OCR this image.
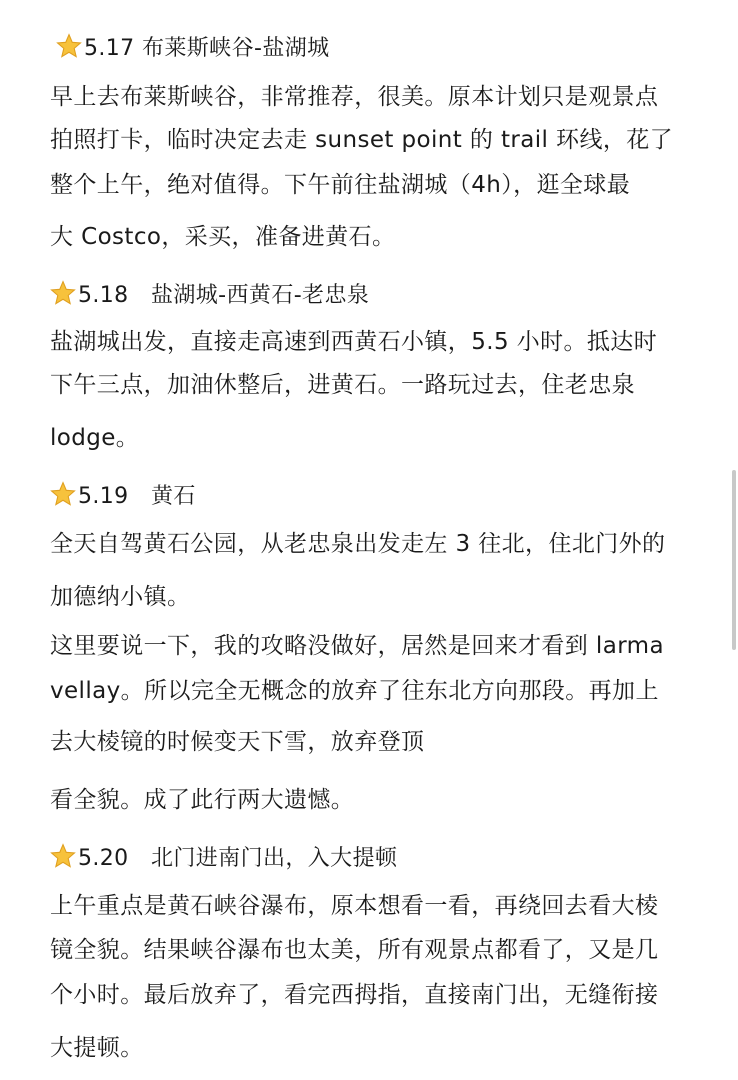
5.17 布莱斯峡谷-盐湖城
早上去布莱斯峡谷，非常推荐，很美。原本计划只是观景点
拍照打卡，临时决定去走 sunset point 的 trail 环线，花了
整个上午，绝对值得。下午前往盐湖城（4h），逛全球最
大 Costco，采买，准备进黄石。
5.18　盐湖城-西黄石-老忠泉
盐湖城出发，直接走高速到西黄石小镇，5.5 小时。抵达时
下午三点，加油休整后，进黄石。一路玩过去，住老忠泉
lodge。
5.19　黄石
全天自驾黄石公园，从老忠泉出发走左 3 往北，住北门外的
加德纳小镇。
这里要说一下，我的攻略没做好，居然是回来才看到 larma
vellay。所以完全无概念的放弃了往东北方向那段。再加上
去大棱镜的时候变天下雪，放弃登顶
看全貌。成了此行两大遗憾。
5.20　北门进南门出，入大提顿
上午重点是黄石峡谷瀑布，原本想看一看，再绕回去看大棱
镜全貌。结果峡谷瀑布也太美，所有观景点都看了，又是几
个小时。最后放弃了，看完西拇指，直接南门出，无缝衔接
大提顿。
